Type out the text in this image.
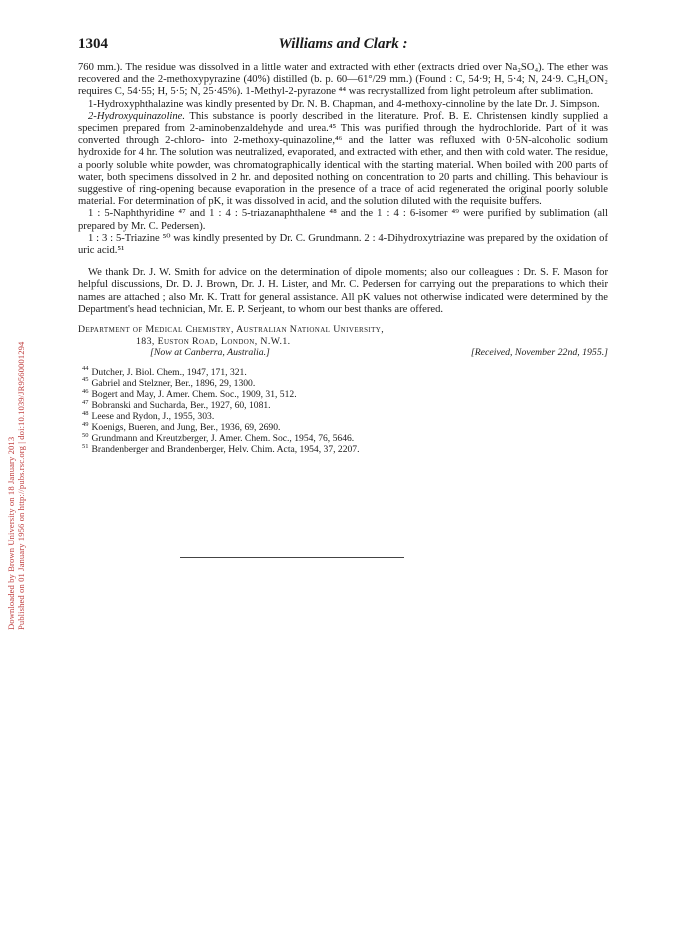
Downloaded by Brown University on 18 January 2013 Published on 01 January 1956 on http://pubs.rsc.org | doi:10.1039/JR9560001294
1304	Williams and Clark :

760 mm.). The residue was dissolved in a little water and extracted with ether (extracts dried over Na₂SO₄). The ether was recovered and the 2-methoxypyrazine (40%) distilled (b. p. 60—61°/29 mm.) (Found : C, 54·9; H, 5·4; N, 24·9. C₅H₆ON₂ requires C, 54·55; H, 5·5; N, 25·45%). 1-Methyl-2-pyrazone ⁴⁴ was recrystallized from light petroleum after sublimation.

1-Hydroxyphthalazine was kindly presented by Dr. N. B. Chapman, and 4-methoxy-cinnoline by the late Dr. J. Simpson.

2-Hydroxyquinazoline. This substance is poorly described in the literature. Prof. B. E. Christensen kindly supplied a specimen prepared from 2-aminobenzaldehyde and urea.⁴⁵ This was purified through the hydrochloride. Part of it was converted through 2-chloro- into 2-methoxy-quinazoline,⁴⁶ and the latter was refluxed with 0·5N-alcoholic sodium hydroxide for 4 hr. The solution was neutralized, evaporated, and extracted with ether, and then with cold water. The residue, a poorly soluble white powder, was chromatographically identical with the starting material. When boiled with 200 parts of water, both specimens dissolved in 2 hr. and deposited nothing on concentration to 20 parts and chilling. This behaviour is suggestive of ring-opening because evaporation in the presence of a trace of acid regenerated the original poorly soluble material. For determination of pK, it was dissolved in acid, and the solution diluted with the requisite buffers.

1 : 5-Naphthyridine ⁴⁷ and 1 : 4 : 5-triazanaphthalene ⁴⁸ and the 1 : 4 : 6-isomer ⁴⁹ were purified by sublimation (all prepared by Mr. C. Pedersen).

1 : 3 : 5-Triazine ⁵⁰ was kindly presented by Dr. C. Grundmann. 2 : 4-Dihydroxytriazine was prepared by the oxidation of uric acid.⁵¹

We thank Dr. J. W. Smith for advice on the determination of dipole moments; also our colleagues : Dr. S. F. Mason for helpful discussions, Dr. D. J. Brown, Dr. J. H. Lister, and Mr. C. Pedersen for carrying out the preparations to which their names are attached ; also Mr. K. Tratt for general assistance. All pK values not otherwise indicated were determined by the Department's head technician, Mr. E. P. Serjeant, to whom our best thanks are offered.

Department of Medical Chemistry, Australian National University,
183, Euston Road, London, N.W.1.
[Now at Canberra, Australia.]	[Received, November 22nd, 1955.]
$^{44}$ Dutcher, J. Biol. Chem., 1947, 171, 321.
$^{45}$ Gabriel and Stelzner, Ber., 1896, 29, 1300.
$^{46}$ Bogert and May, J. Amer. Chem. Soc., 1909, 31, 512.
$^{47}$ Bobranski and Sucharda, Ber., 1927, 60, 1081.
$^{48}$ Leese and Rydon, J., 1955, 303.
$^{49}$ Koenigs, Bueren, and Jung, Ber., 1936, 69, 2690.
$^{50}$ Grundmann and Kreutzberger, J. Amer. Chem. Soc., 1954, 76, 5646.
$^{51}$ Brandenberger and Brandenberger, Helv. Chim. Acta, 1954, 37, 2207.
